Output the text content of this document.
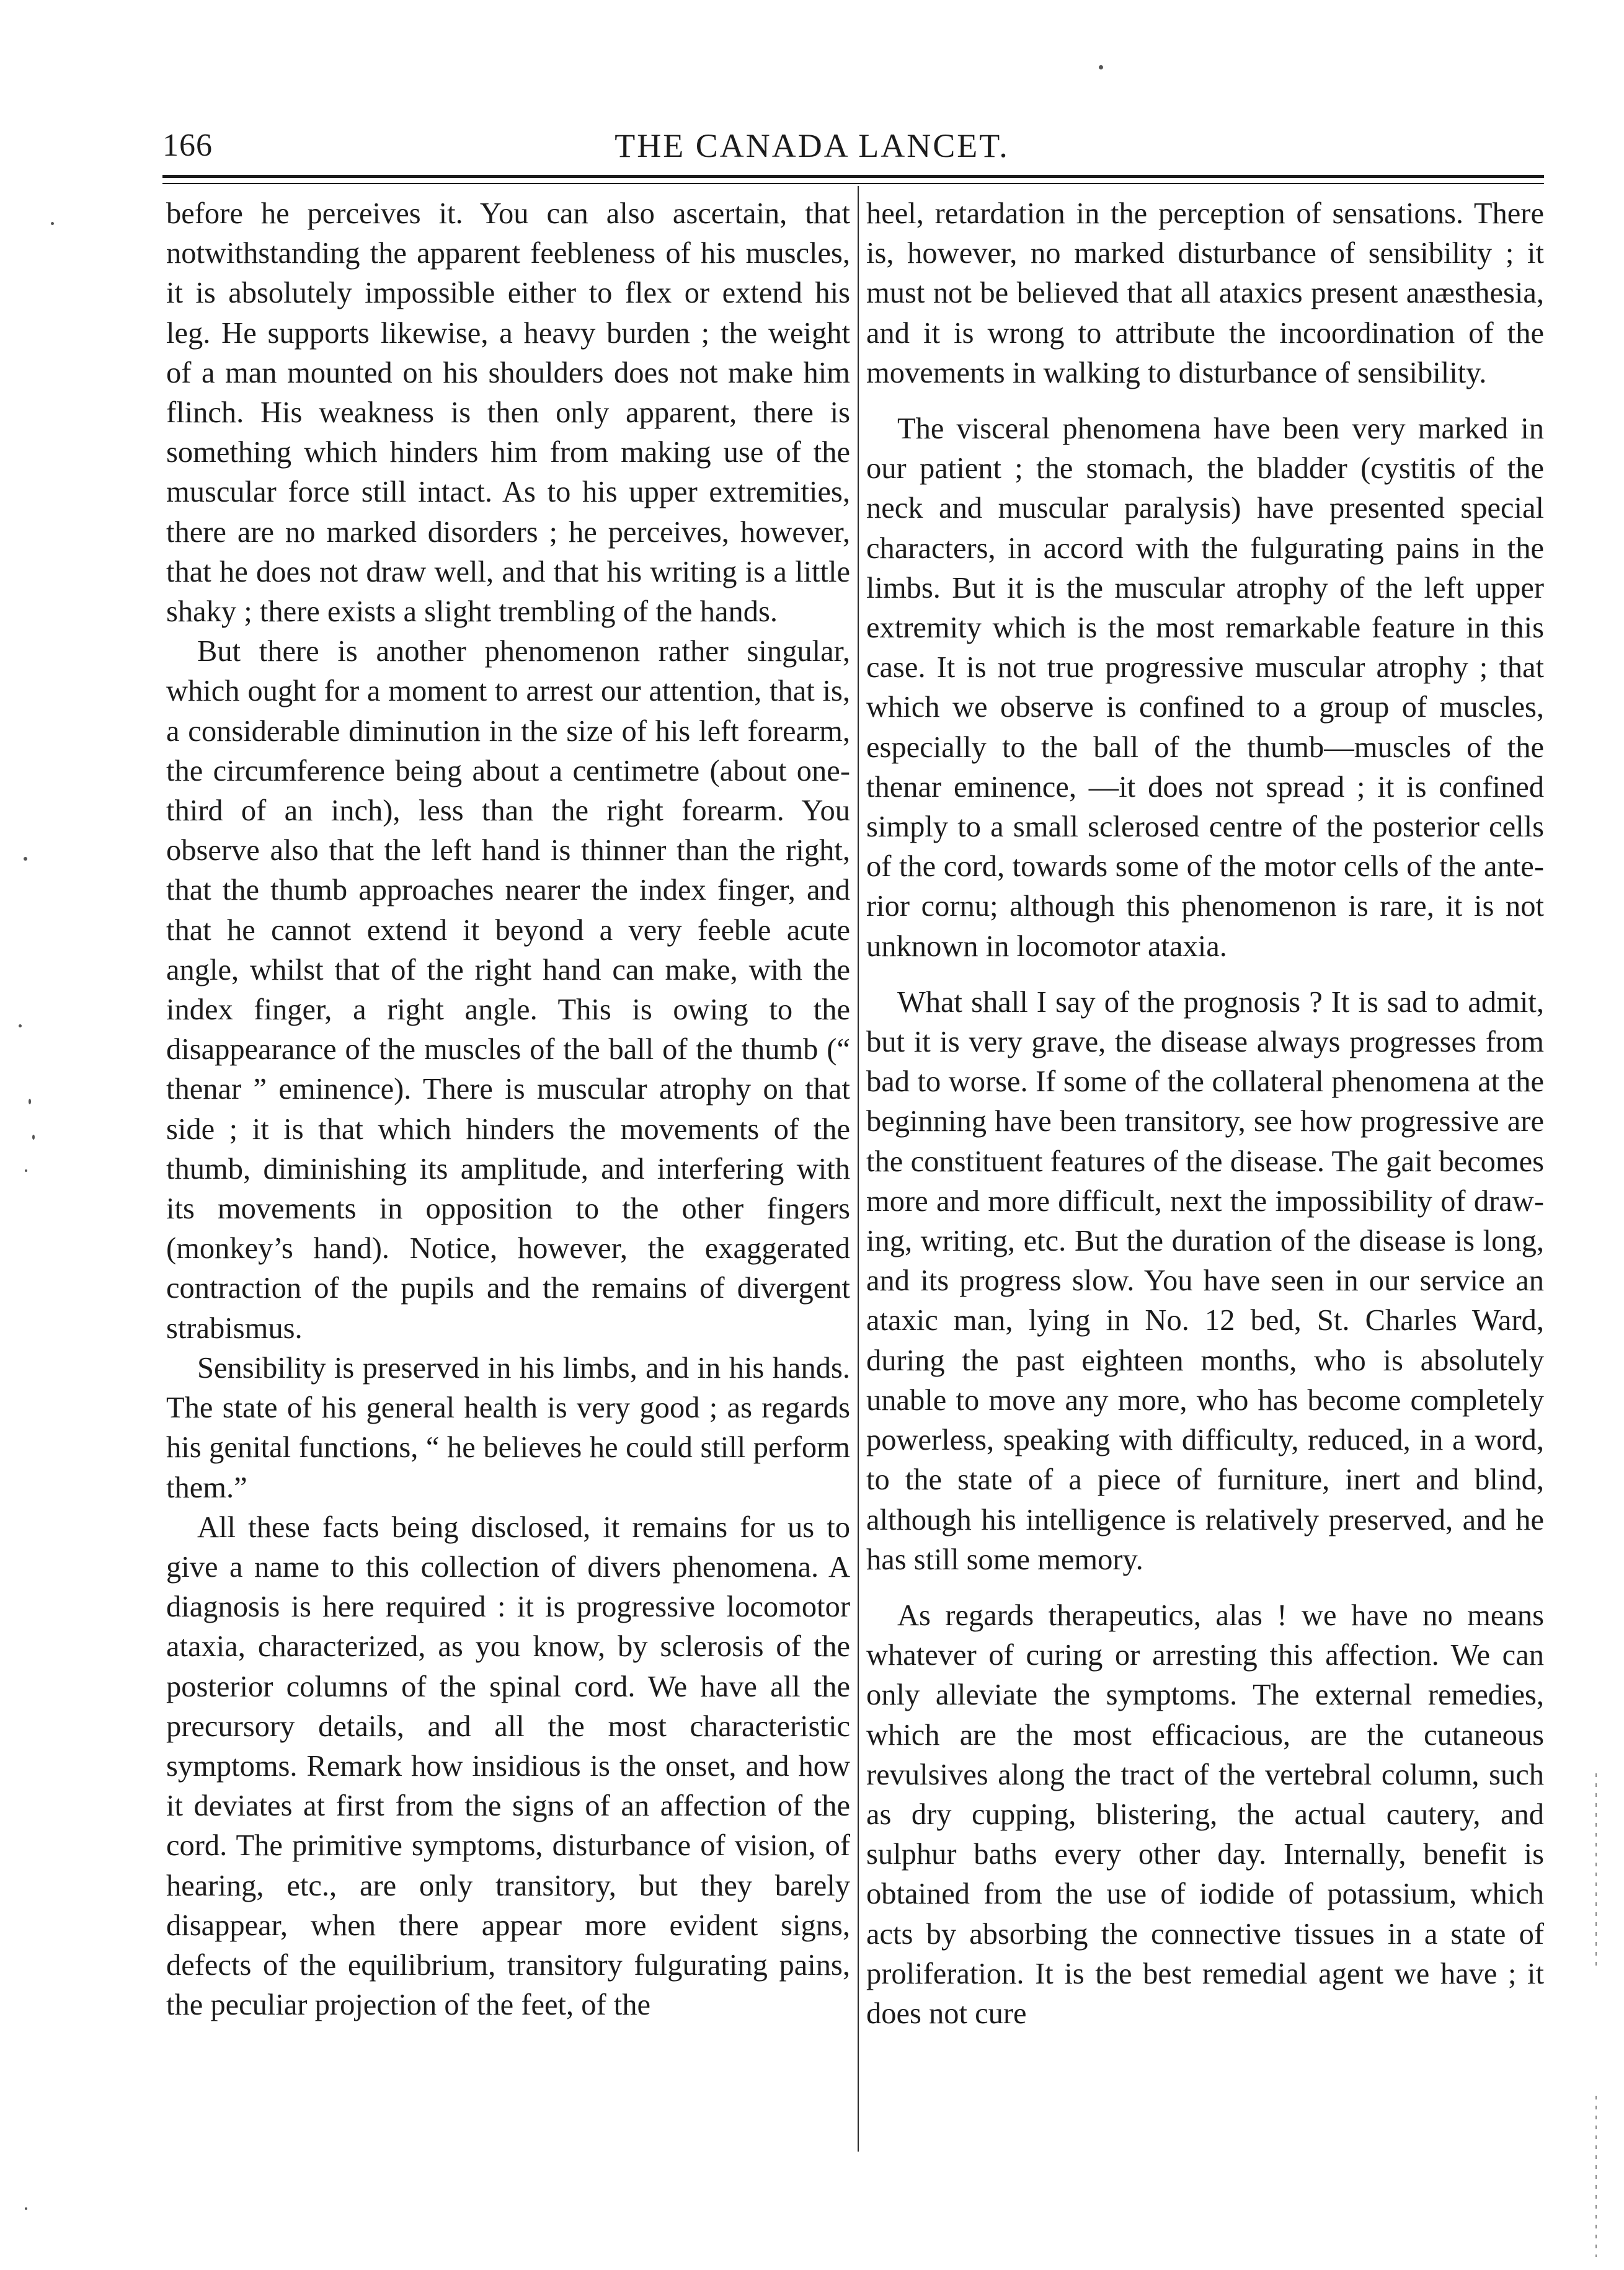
166	THE CANADA LANCET.

before he perceives it. You can also ascertain, that notwithstanding the apparent feebleness of his muscles, it is absolutely impossible either to flex or extend his leg. He supports likewise, a heavy burden ; the weight of a man mounted on his shoulders does not make him flinch. His weakness is then only apparent, there is something which hinders him from making use of the muscular force still intact. As to his upper extremities, there are no marked disorders ; he perceives, however, that he does not draw well, and that his writing is a little shaky ; there exists a slight trembling of the hands.

But there is another phenomenon rather singular, which ought for a moment to arrest our attention, that is, a considerable diminution in the size of his left forearm, the circumference being about a centimetre (about one-third of an inch), less than the right forearm. You observe also that the left hand is thinner than the right, that the thumb approaches nearer the index finger, and that he cannot extend it beyond a very feeble acute angle, whilst that of the right hand can make, with the index finger, a right angle. This is owing to the disappearance of the muscles of the ball of the thumb (“ thenar ” eminence). There is muscular atrophy on that side ; it is that which hinders the movements of the thumb, diminishing its amplitude, and interfering with its movements in opposition to the other fingers (monkey’s hand). Notice, however, the exaggerated contraction of the pupils and the remains of divergent strabismus.

Sensibility is preserved in his limbs, and in his hands. The state of his general health is very good ; as regards his genital functions, “ he believes he could still perform them.”

All these facts being disclosed, it remains for us to give a name to this collection of divers phenomena. A diagnosis is here required : it is progressive locomotor ataxia, characterized, as you know, by sclerosis of the posterior columns of the spinal cord. We have all the precursory details, and all the most characteristic symptoms. Remark how insidious is the onset, and how it deviates at first from the signs of an affection of the cord. The primitive symptoms, disturbance of vision, of hearing, etc., are only transitory, but they barely disappear, when there appear more evident signs, defects of the equilibrium, transitory fulgurating pains, the peculiar projection of the feet, of the

heel, retardation in the perception of sensations. There is, however, no marked disturbance of sensibility ; it must not be believed that all ataxics present anæsthesia, and it is wrong to attribute the incoordination of the movements in walking to disturbance of sensibility.

The visceral phenomena have been very marked in our patient ; the stomach, the bladder (cystitis of the neck and muscular paralysis) have presented special characters, in accord with the fulgurating pains in the limbs. But it is the muscular atrophy of the left upper extremity which is the most remarkable feature in this case. It is not true progressive muscular atrophy ; that which we observe is confined to a group of muscles, especially to the ball of the thumb—muscles of the thenar eminence, —it does not spread ; it is confined simply to a small sclerosed centre of the posterior cells of the cord, towards some of the motor cells of the anterior cornu; although this phenomenon is rare, it is not unknown in locomotor ataxia.

What shall I say of the prognosis ? It is sad to admit, but it is very grave, the disease always progresses from bad to worse. If some of the collateral phenomena at the beginning have been transitory, see how progressive are the constituent features of the disease. The gait becomes more and more difficult, next the impossibility of drawing, writing, etc. But the duration of the disease is long, and its progress slow. You have seen in our service an ataxic man, lying in No. 12 bed, St. Charles Ward, during the past eighteen months, who is absolutely unable to move any more, who has become completely powerless, speaking with difficulty, reduced, in a word, to the state of a piece of furniture, inert and blind, although his intelligence is relatively preserved, and he has still some memory.

As regards therapeutics, alas ! we have no means whatever of curing or arresting this affection. We can only alleviate the symptoms. The external remedies, which are the most efficacious, are the cutaneous revulsives along the tract of the vertebral column, such as dry cupping, blistering, the actual cautery, and sulphur baths every other day. Internally, benefit is obtained from the use of iodide of potassium, which acts by absorbing the connective tissues in a state of proliferation. It is the best remedial agent we have ; it does not cure
